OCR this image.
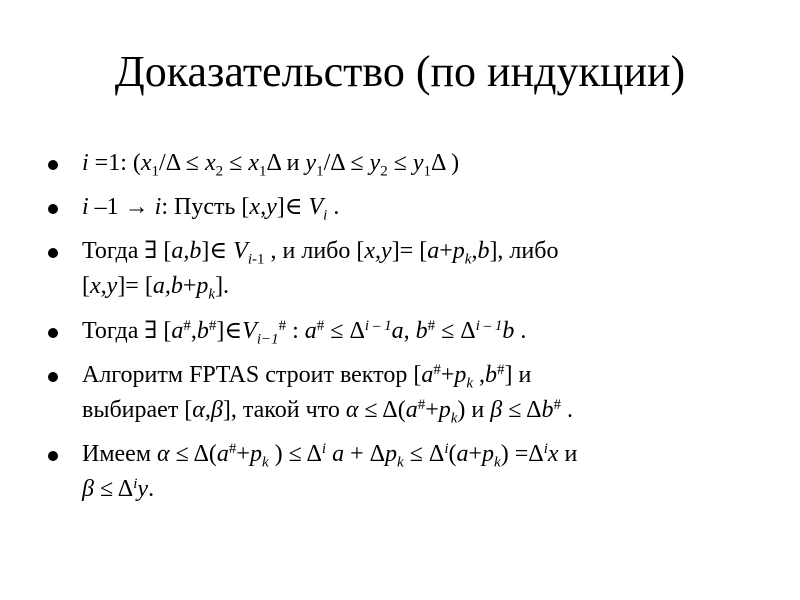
Доказательство (по индукции)
i =1: ($x_1/\Delta \le x_2 \le x_1\Delta$ и $y_1/\Delta \le y_2 \le y_1\Delta$ )
i –1 → i: Пусть [x,y]∈ $V_i$ .
Тогда ∃ [a,b]∈ $V_{i-1}$ , и либо $[x,y]= [a+p_k,b]$, либо
$[x,y]= [a,b+p_k]$.
Тогда ∃ $[a^{\#},b^{\#}]\in V_{i-1}^{\#}$ : $a^{\#} \le \Delta^{i - 1}a$, $b^{\#} \le \Delta^{i - 1}b$ .
Алгоритм FPTAS строит вектор [$a^{\#}+p_k$ ,b#] и
выбирает [α,β], такой что $\alpha \le \Delta(a^{\#}+p_k)$ и β ≤ Δb# .
Имеем $\alpha \le \Delta(a^{\#}+p_k$ ) ≤ $\Delta^i$ $a + \Delta p_k \le \Delta^i(a+p_k) =\Delta^ix$ и
$\beta \le \Delta^iy$.
